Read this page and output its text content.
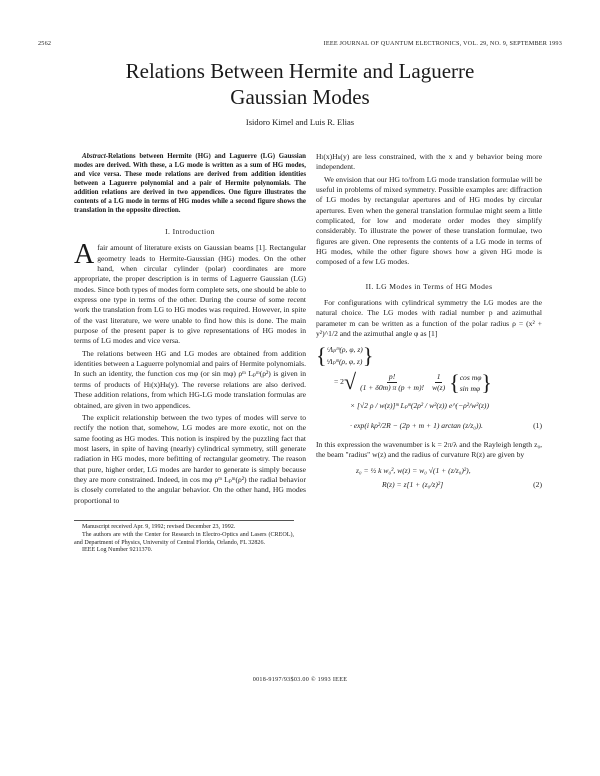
2562	IEEE JOURNAL OF QUANTUM ELECTRONICS, VOL. 29, NO. 9, SEPTEMBER 1993
Relations Between Hermite and Laguerre
Gaussian Modes
Isidoro Kimel and Luis R. Elias
Abstract-Relations between Hermite (HG) and Laguerre (LG) Gaussian modes are derived. With these, a LG mode is written as a sum of HG modes, and vice versa. These mode relations are derived from addition identities between a Laguerre polynomial and a pair of Hermite polynomials. The addition relations are derived in two appendices. One figure illustrates the contents of a LG mode in terms of HG modes while a second figure shows the translation in the opposite direction.
I. Introduction

Afair amount of literature exists on Gaussian beams [1]. Rectangular geometry leads to Hermite-Gaussian (HG) modes. On the other hand, when circular cylinder (polar) coordinates are more appropriate, the proper description is in terms of Laguerre Gaussian (LG) modes. Since both types of modes form complete sets, one should be able to express one type in terms of the other. During the course of some recent work the translation from LG to HG modes was required. However, in spite of the vast literature, we were unable to find how this is done. The main purpose of the present paper is to give representations of HG modes in terms of LG modes and vice versa.

The relations between HG and LG modes are obtained from addition identities between a Laguerre polynomial and pairs of Hermite polynomials. In such an identity, the function cos mφ (or sin mφ) ρᵐ Lₚᵐ(ρ²) is given in terms of products of Hₗ(x)Hₖ(y). The reverse relations are also derived. These addition relations, from which HG-LG mode translation formulas are obtained, are given in two appendices.

The explicit relationship between the two types of modes will serve to rectify the notion that, somehow, LG modes are more exotic, not on the same footing as HG modes. This notion is inspired by the puzzling fact that most lasers, in spite of having (nearly) cylindrical symmetry, still generate radiation in HG modes, more befitting of rectangular geometry. The reason that pure, higher order, LG modes are harder to generate is simply because they are more constrained. Indeed, in cos mφ ρᵐ Lₚᵐ(ρ²) the radial behavior is closely correlated to the angular behavior. On the other hand, HG modes proportional to

Manuscript received Apr. 9, 1992; revised December 23, 1992.

The authors are with the Center for Research in Electro-Optics and Lasers (CREOL), and Department of Physics, University of Central Florida, Orlando, FL 32826.

IEEE Log Number 9211370.

Hₗ(x)Hₖ(y) are less constrained, with the x and y behavior being more independent.

We envision that our HG to/from LG mode translation formulae will be useful in problems of mixed symmetry. Possible examples are: diffraction of LG modes by rectangular apertures and of HG modes by circular apertures. Even when the general translation formulae might seem a little complicated, for low and moderate order modes they simplify considerably. To illustrate the power of these translation formulae, two figures are given. One represents the contents of a LG mode in terms of HG modes, while the other figure shows how a given HG mode is composed of a few LG modes.

II. LG Modes in Terms of HG Modes

For configurations with cylindrical symmetry the LG modes are the natural choice. The LG modes with radial number p and azimuthal parameter m can be written as a function of the polar radius ρ = (x² + y²)^1/2 and the azimuthal angle φ as [1]

{ ᶜΛₚᵐ(ρ, φ, z)
ˢΛₚᵐ(ρ, φ, z) }
= 2 √ $\frac{p!}{(1 + \delta 0m) \pi (p + m)!} \frac{1}{w(z)}$ { cos mφ
sin mφ }
× [√2 ρ / w(z)]ᵐ Lₚᵐ(2ρ² / w²(z)) e^(−ρ²/w²(z))
· exp(i kρ²/2R − (2p + m + 1) arctan (z/z₀)).	(1)

In this expression the wavenumber is k = 2π/λ and the Rayleigh length z₀, the beam "radius" w(z) and the radius of curvature R(z) are given by

z₀ = ½ k w₀², w(z) = w₀ √(1 + (z/z₀)²),
R(z) = z[1 + (z₀/z)²]	(2)
0018-9197/93$03.00 © 1993 IEEE
